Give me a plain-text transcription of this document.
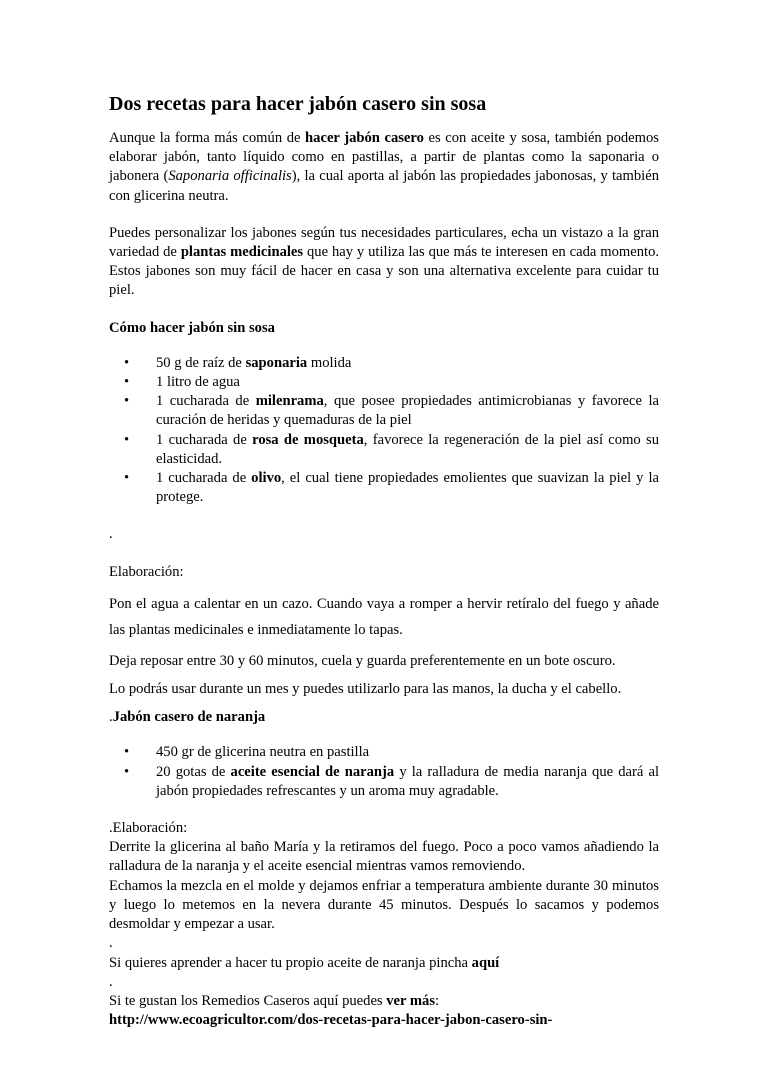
Dos recetas para hacer jabón casero sin sosa

Aunque la forma más común de hacer jabón casero es con aceite y sosa, también podemos elaborar jabón, tanto líquido como en pastillas, a partir de plantas como la saponaria o jabonera (Saponaria officinalis), la cual aporta al jabón las propiedades jabonosas, y también con glicerina neutra.

Puedes personalizar los jabones según tus necesidades particulares, echa un vistazo a la gran variedad de plantas medicinales que hay y utiliza las que más te interesen en cada momento. Estos jabones son muy fácil de hacer en casa y son una alternativa excelente para cuidar tu piel.

Cómo hacer jabón sin sosa

• 50 g de raíz de saponaria molida
• 1 litro de agua
• 1 cucharada de milenrama, que posee propiedades antimicrobianas y favorece la curación de heridas y quemaduras de la piel
• 1 cucharada de rosa de mosqueta, favorece la regeneración de la piel así como su elasticidad.
• 1 cucharada de olivo, el cual tiene propiedades emolientes que suavizan la piel y la protege.

.

Elaboración:

Pon el agua a calentar en un cazo. Cuando vaya a romper a hervir retíralo del fuego y añade las plantas medicinales e inmediatamente lo tapas.

Deja reposar entre 30 y 60 minutos, cuela y guarda preferentemente en un bote oscuro.

Lo podrás usar durante un mes y puedes utilizarlo para las manos, la ducha y el cabello.

.Jabón casero de naranja

• 450 gr de glicerina neutra en pastilla
• 20 gotas de aceite esencial de naranja y la ralladura de media naranja que dará al jabón propiedades refrescantes y un aroma muy agradable.

.Elaboración:

Derrite la glicerina al baño María y la retiramos del fuego. Poco a poco vamos añadiendo la ralladura de la naranja y el aceite esencial mientras vamos removiendo.

Echamos la mezcla en el molde y dejamos enfriar a temperatura ambiente durante 30 minutos y luego lo metemos en la nevera durante 45 minutos. Después lo sacamos y podemos desmoldar y empezar a usar.

.

Si quieres aprender a hacer tu propio aceite de naranja pincha aquí

.

Si te gustan los Remedios Caseros aquí puedes ver más:

http://www.ecoagricultor.com/dos-recetas-para-hacer-jabon-casero-sin-
